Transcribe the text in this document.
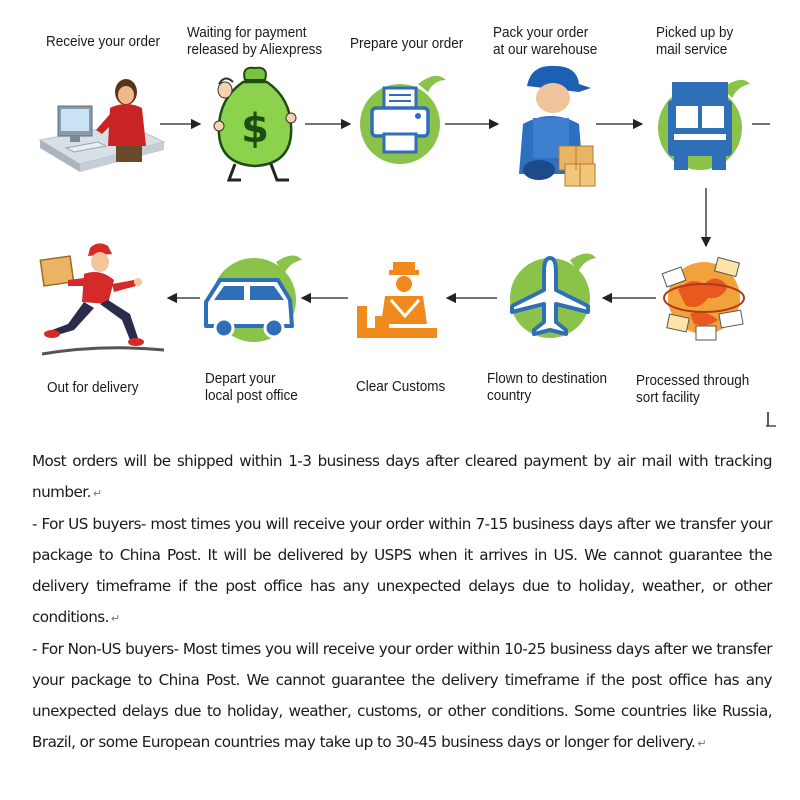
Receive your order
Waiting for payment
released by Aliexpress Prepare your order
Pack your order
at our warehouse
Picked up by
mail service
Out for delivery
Depart your
local post office
Clear Customs	Flown to destination
country
Processed through
sort facility
$

Most orders will be shipped within 1-3 business days after cleared payment by air mail with tracking number. ↵

- For US buyers- most times you will receive your order within 7-15 business days after we transfer your package to China Post. It will be delivered by USPS when it arrives in US. We cannot guarantee the delivery timeframe if the post office has any unexpected delays due to holiday, weather, or other conditions. ↵

- For Non-US buyers- Most times you will receive your order within 10-25 business days after we transfer your package to China Post. We cannot guarantee the delivery timeframe if the post office has any unexpected delays due to holiday, weather, customs, or other conditions. Some countries like Russia, Brazil, or some European countries may take up to 30-45 business days or longer for delivery. ↵
